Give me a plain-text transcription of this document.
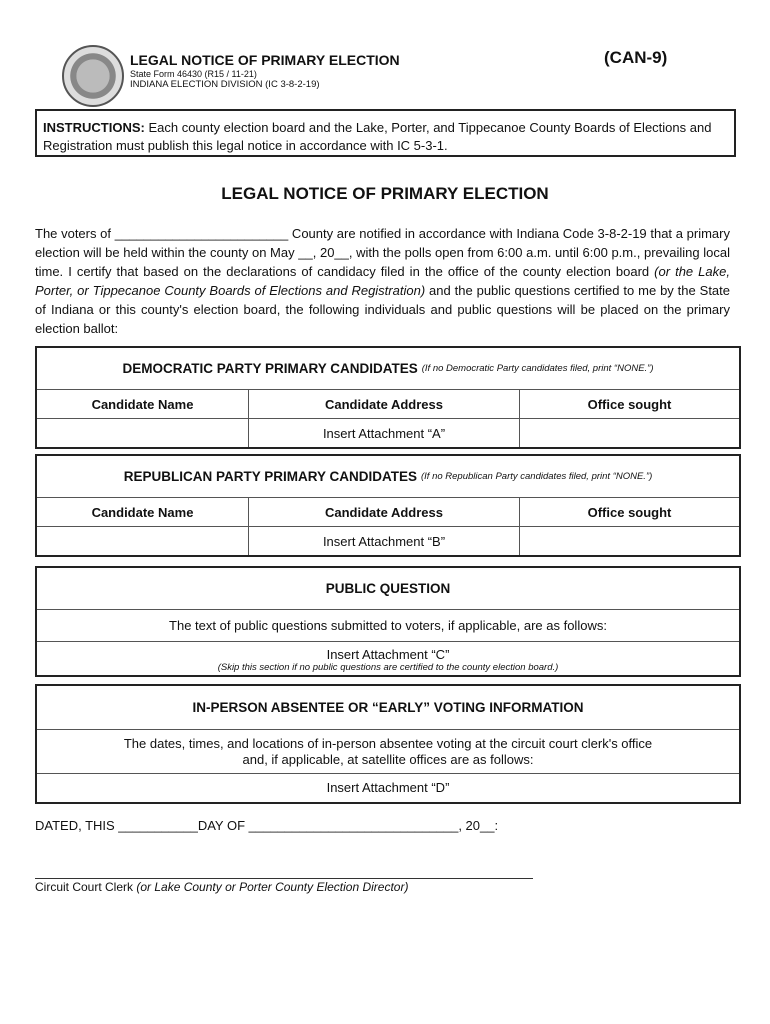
LEGAL NOTICE OF PRIMARY ELECTION
State Form 46430 (R15 / 11-21)
INDIANA ELECTION DIVISION (IC 3-8-2-19)
(CAN-9)
INSTRUCTIONS: Each county election board and the Lake, Porter, and Tippecanoe County Boards of Elections and Registration must publish this legal notice in accordance with IC 5-3-1.
LEGAL NOTICE OF PRIMARY ELECTION
The voters of ________________________ County are notified in accordance with Indiana Code 3-8-2-19 that a primary election will be held within the county on May __, 20__, with the polls open from 6:00 a.m. until 6:00 p.m., prevailing local time. I certify that based on the declarations of candidacy filed in the office of the county election board (or the Lake, Porter, or Tippecanoe County Boards of Elections and Registration) and the public questions certified to me by the State of Indiana or this county's election board, the following individuals and public questions will be placed on the primary election ballot:
DEMOCRATIC PARTY PRIMARY CANDIDATES (If no Democratic Party candidates filed, print “NONE.”)
Candidate Name	Candidate Address	Office sought
Insert Attachment “A”
REPUBLICAN PARTY PRIMARY CANDIDATES (If no Republican Party candidates filed, print “NONE.”)
Candidate Name	Candidate Address	Office sought
Insert Attachment “B”
PUBLIC QUESTION
The text of public questions submitted to voters, if applicable, are as follows:
Insert Attachment “C”
(Skip this section if no public questions are certified to the county election board.)
IN-PERSON ABSENTEE OR “EARLY” VOTING INFORMATION
The dates, times, and locations of in-person absentee voting at the circuit court clerk's office
and, if applicable, at satellite offices are as follows:
Insert Attachment “D”
DATED, THIS ___________DAY OF _____________________________, 20__:
Circuit Court Clerk (or Lake County or Porter County Election Director)
